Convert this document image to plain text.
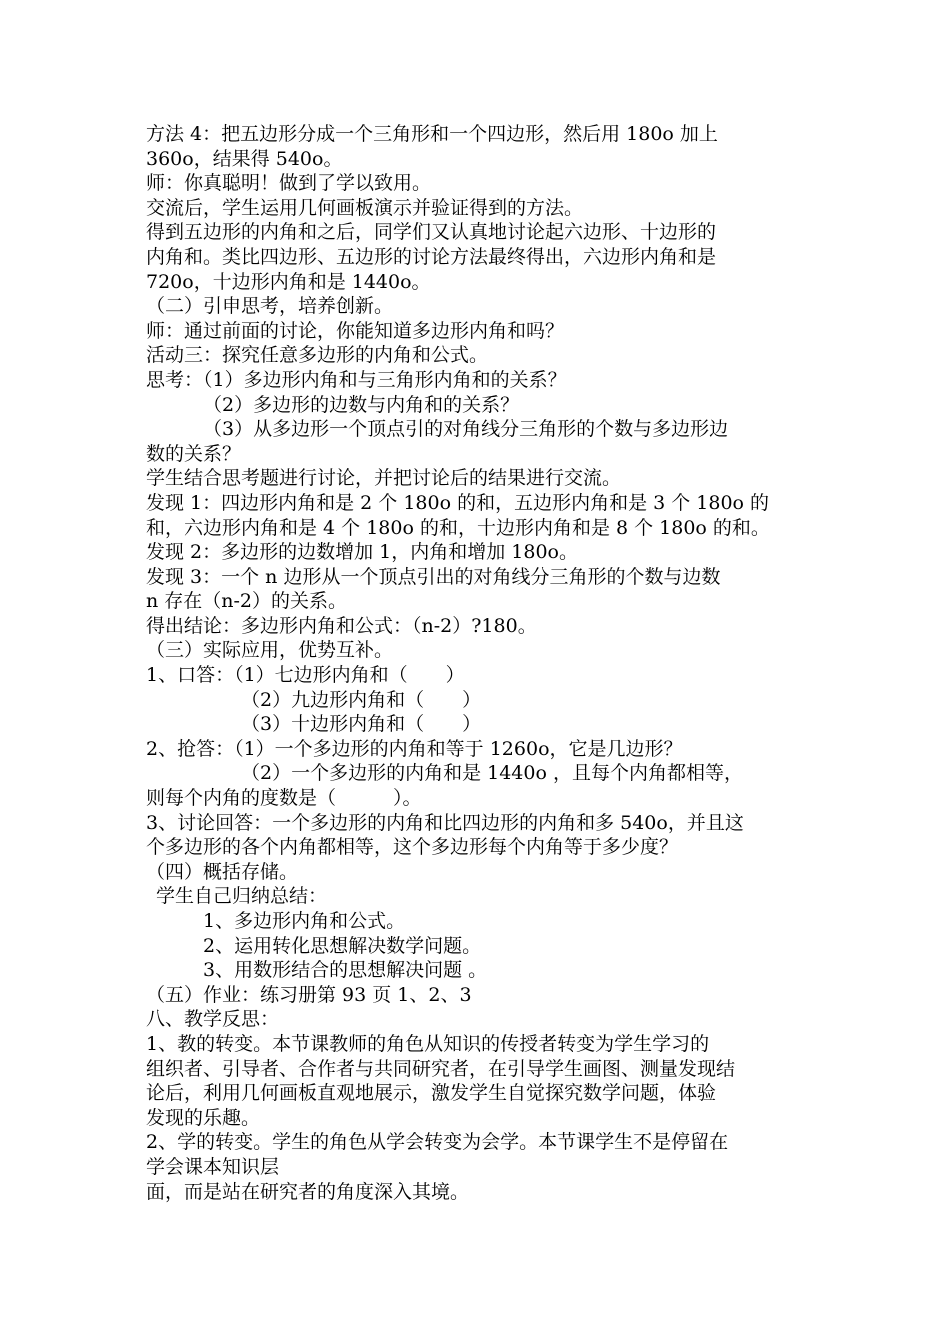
方法 4：把五边形分成一个三角形和一个四边形，然后用 180o 加上

360o，结果得 540o。

师：你真聪明！做到了学以致用。

交流后，学生运用几何画板演示并验证得到的方法。

得到五边形的内角和之后，同学们又认真地讨论起六边形、十边形的

内角和。类比四边形、五边形的讨论方法最终得出，六边形内角和是

720o，十边形内角和是 1440o。

（二）引申思考，培养创新。

师：通过前面的讨论，你能知道多边形内角和吗？

活动三：探究任意多边形的内角和公式。

思考：（1）多边形内角和与三角形内角和的关系？

（2）多边形的边数与内角和的关系？

（3）从多边形一个顶点引的对角线分三角形的个数与多边形边

数的关系？

学生结合思考题进行讨论，并把讨论后的结果进行交流。

发现 1：四边形内角和是 2 个 180o 的和，五边形内角和是 3 个 180o 的

和，六边形内角和是 4 个 180o 的和，十边形内角和是 8 个 180o 的和。

发现 2：多边形的边数增加 1，内角和增加 180o。

发现 3：一个 n 边形从一个顶点引出的对角线分三角形的个数与边数

n 存在（n-2）的关系。

得出结论：多边形内角和公式：（n-2）?180。

（三）实际应用，优势互补。

1、口答：（1）七边形内角和（　　）

（2）九边形内角和（　　）

（3）十边形内角和（　　）

2、抢答：（1）一个多边形的内角和等于 1260o，它是几边形？

（2）一个多边形的内角和是 1440o ，且每个内角都相等，

则每个内角的度数是（　　　）。

3、讨论回答：一个多边形的内角和比四边形的内角和多 540o，并且这

个多边形的各个内角都相等，这个多边形每个内角等于多少度？

（四）概括存储。

学生自己归纳总结：

1、多边形内角和公式。

2、运用转化思想解决数学问题。

3、用数形结合的思想解决问题 。

（五）作业：练习册第 93 页 1、2、3

八、教学反思：

1、教的转变。本节课教师的角色从知识的传授者转变为学生学习的

组织者、引导者、合作者与共同研究者，在引导学生画图、测量发现结

论后，利用几何画板直观地展示，激发学生自觉探究数学问题，体验

发现的乐趣。

2、学的转变。学生的角色从学会转变为会学。本节课学生不是停留在

学会课本知识层

面，而是站在研究者的角度深入其境。
